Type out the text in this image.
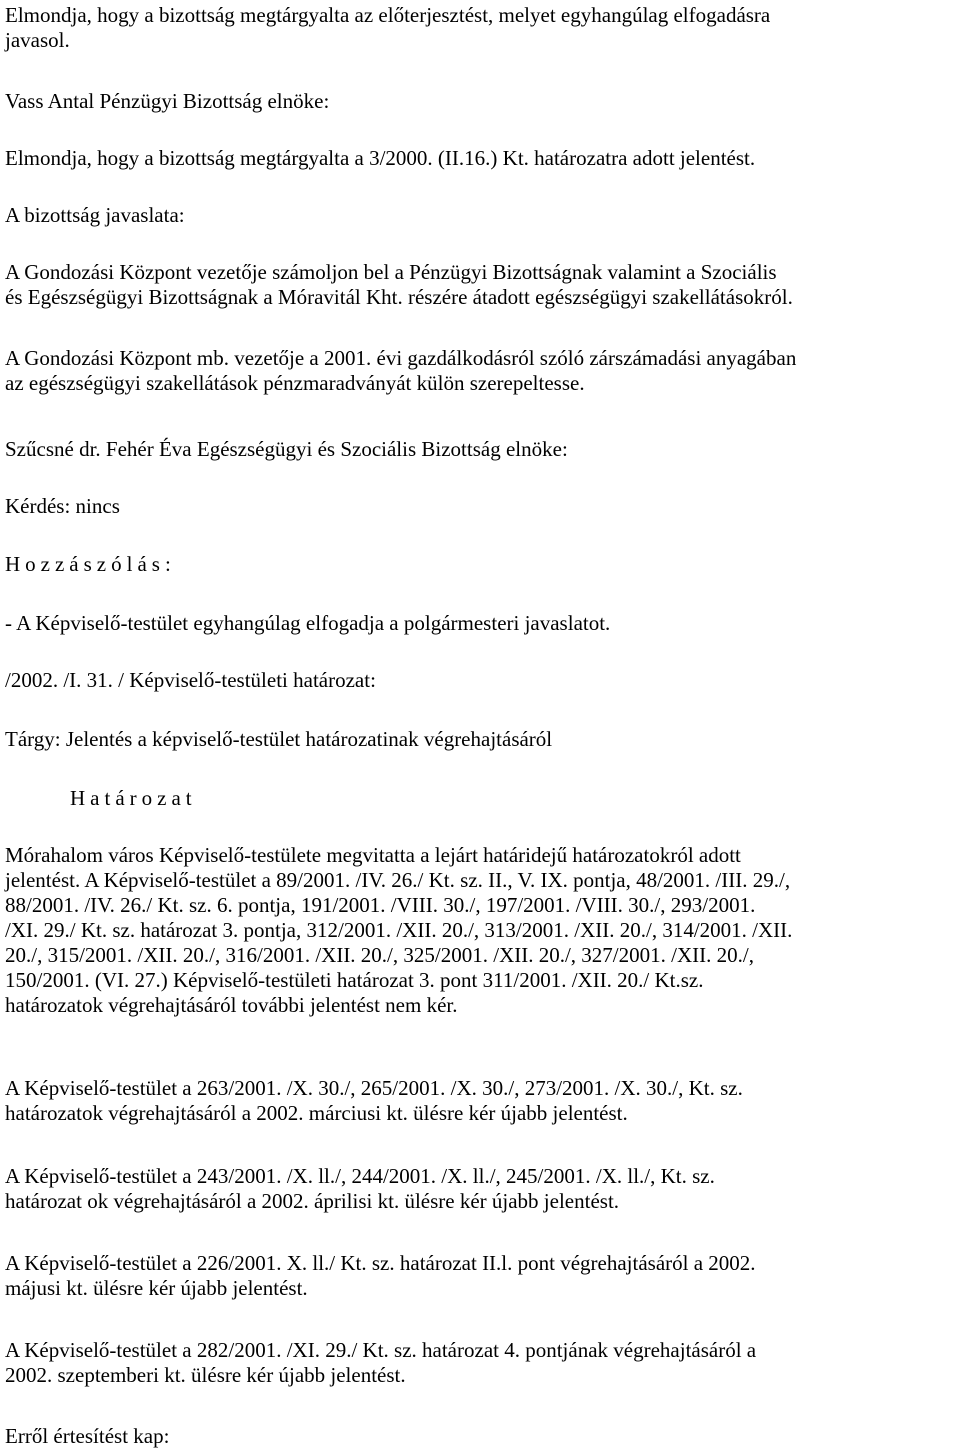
Elmondja, hogy a bizottság megtárgyalta az előterjesztést, melyet egyhangúlag elfogadásra
javasol.
Vass Antal Pénzügyi Bizottság elnöke:
Elmondja, hogy a bizottság megtárgyalta a 3/2000. (II.16.) Kt. határozatra adott jelentést.
A bizottság javaslata:
A Gondozási Központ vezetője számoljon bel a Pénzügyi Bizottságnak valamint a Szociális
és Egészségügyi Bizottságnak a Móravitál Kht. részére átadott egészségügyi szakellátásokról.
A Gondozási Központ mb. vezetője a 2001. évi gazdálkodásról szóló zárszámadási anyagában
az egészségügyi szakellátások pénzmaradványát külön szerepeltesse.
Szűcsné dr. Fehér Éva Egészségügyi és Szociális Bizottság elnöke:
Kérdés: nincs
Hozzászólás:
- A Képviselő-testület egyhangúlag elfogadja a polgármesteri javaslatot.
/2002. /I. 31. / Képviselő-testületi határozat:
Tárgy: Jelentés a képviselő-testület határozatinak végrehajtásáról
Határozat
Mórahalom város Képviselő-testülete megvitatta a lejárt határidejű határozatokról adott
jelentést. A Képviselő-testület a 89/2001. /IV. 26./ Kt. sz. II., V. IX. pontja, 48/2001. /III. 29./,
88/2001. /IV. 26./ Kt. sz. 6. pontja, 191/2001. /VIII. 30./, 197/2001. /VIII. 30./, 293/2001.
/XI. 29./ Kt. sz. határozat 3. pontja, 312/2001. /XII. 20./, 313/2001. /XII. 20./, 314/2001. /XII.
20./, 315/2001. /XII. 20./, 316/2001. /XII. 20./, 325/2001. /XII. 20./, 327/2001. /XII. 20./,
150/2001. (VI. 27.) Képviselő-testületi határozat 3. pont 311/2001. /XII. 20./ Kt.sz.
határozatok végrehajtásáról további jelentést nem kér.
A Képviselő-testület a 263/2001. /X. 30./, 265/2001. /X. 30./, 273/2001. /X. 30./, Kt. sz.
határozatok végrehajtásáról a 2002. márciusi kt. ülésre kér újabb jelentést.
A Képviselő-testület a 243/2001. /X. ll./, 244/2001. /X. ll./, 245/2001. /X. ll./, Kt. sz.
határozat ok végrehajtásáról a 2002. áprilisi kt. ülésre kér újabb jelentést.
A Képviselő-testület a 226/2001. X. ll./ Kt. sz. határozat II.l. pont végrehajtásáról a 2002.
májusi kt. ülésre kér újabb jelentést.
A Képviselő-testület a 282/2001. /XI. 29./ Kt. sz. határozat 4. pontjának végrehajtásáról a
2002. szeptemberi kt. ülésre kér újabb jelentést.
Erről értesítést kap:
